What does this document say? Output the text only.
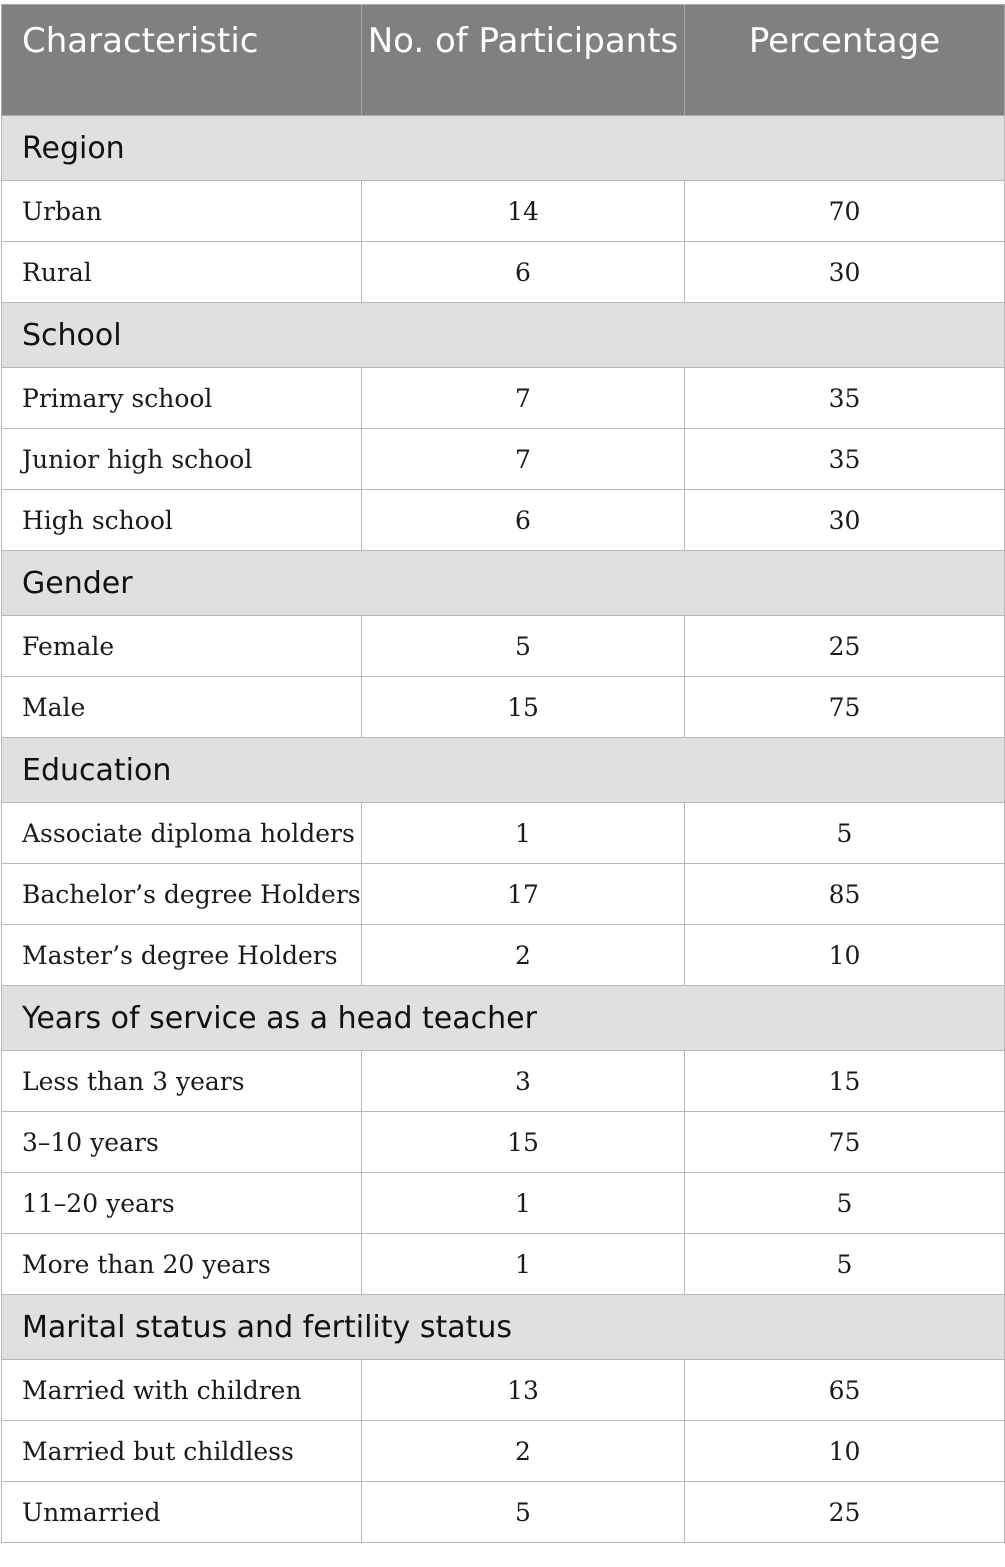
Characteristic	No. of Participants	Percentage

Region		
Urban	14	70
Rural	6	30
School		
Primary school	7	35
Junior high school	7	35
High school	6	30
Gender		
Female	5	25
Male	15	75
Education		
Associate diploma holders	1	5
Bachelor’s degree Holders	17	85
Master’s degree Holders	2	10
Years of service as a head teacher		
Less than 3 years	3	15
3–10 years	15	75
11–20 years	1	5
More than 20 years	1	5
Marital status and fertility status		
Married with children	13	65
Married but childless	2	10
Unmarried	5	25
